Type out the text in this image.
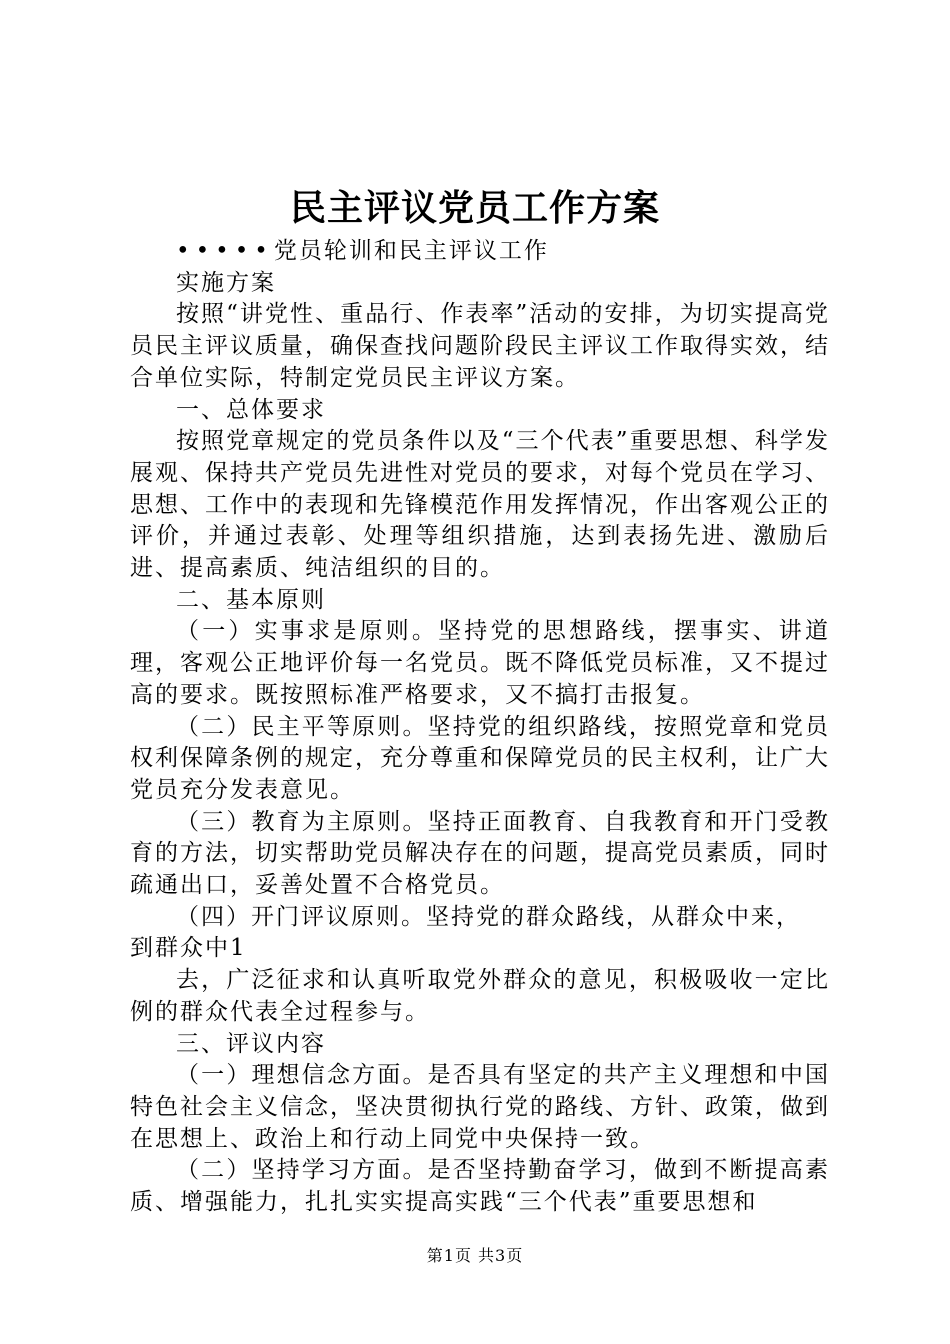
民主评议党员工作方案

•••••党员轮训和民主评议工作

实施方案

按照“讲党性、重品行、作表率”活动的安排，为切实提高党员民主评议质量，确保查找问题阶段民主评议工作取得实效，结合单位实际，特制定党员民主评议方案。

一、总体要求

按照党章规定的党员条件以及“三个代表”重要思想、科学发展观、保持共产党员先进性对党员的要求，对每个党员在学习、思想、工作中的表现和先锋模范作用发挥情况，作出客观公正的评价，并通过表彰、处理等组织措施，达到表扬先进、激励后进、提高素质、纯洁组织的目的。

二、基本原则

（一）实事求是原则。坚持党的思想路线，摆事实、讲道理，客观公正地评价每一名党员。既不降低党员标准，又不提过高的要求。既按照标准严格要求，又不搞打击报复。

（二）民主平等原则。坚持党的组织路线，按照党章和党员权利保障条例的规定，充分尊重和保障党员的民主权利，让广大党员充分发表意见。

（三）教育为主原则。坚持正面教育、自我教育和开门受教育的方法，切实帮助党员解决存在的问题，提高党员素质，同时疏通出口，妥善处置不合格党员。

（四）开门评议原则。坚持党的群众路线，从群众中来，

到群众中1

去，广泛征求和认真听取党外群众的意见，积极吸收一定比例的群众代表全过程参与。

三、评议内容

（一）理想信念方面。是否具有坚定的共产主义理想和中国特色社会主义信念，坚决贯彻执行党的路线、方针、政策，做到在思想上、政治上和行动上同党中央保持一致。

（二）坚持学习方面。是否坚持勤奋学习，做到不断提高素质、增强能力，扎扎实实提高实践“三个代表”重要思想和

第1页 共3页
